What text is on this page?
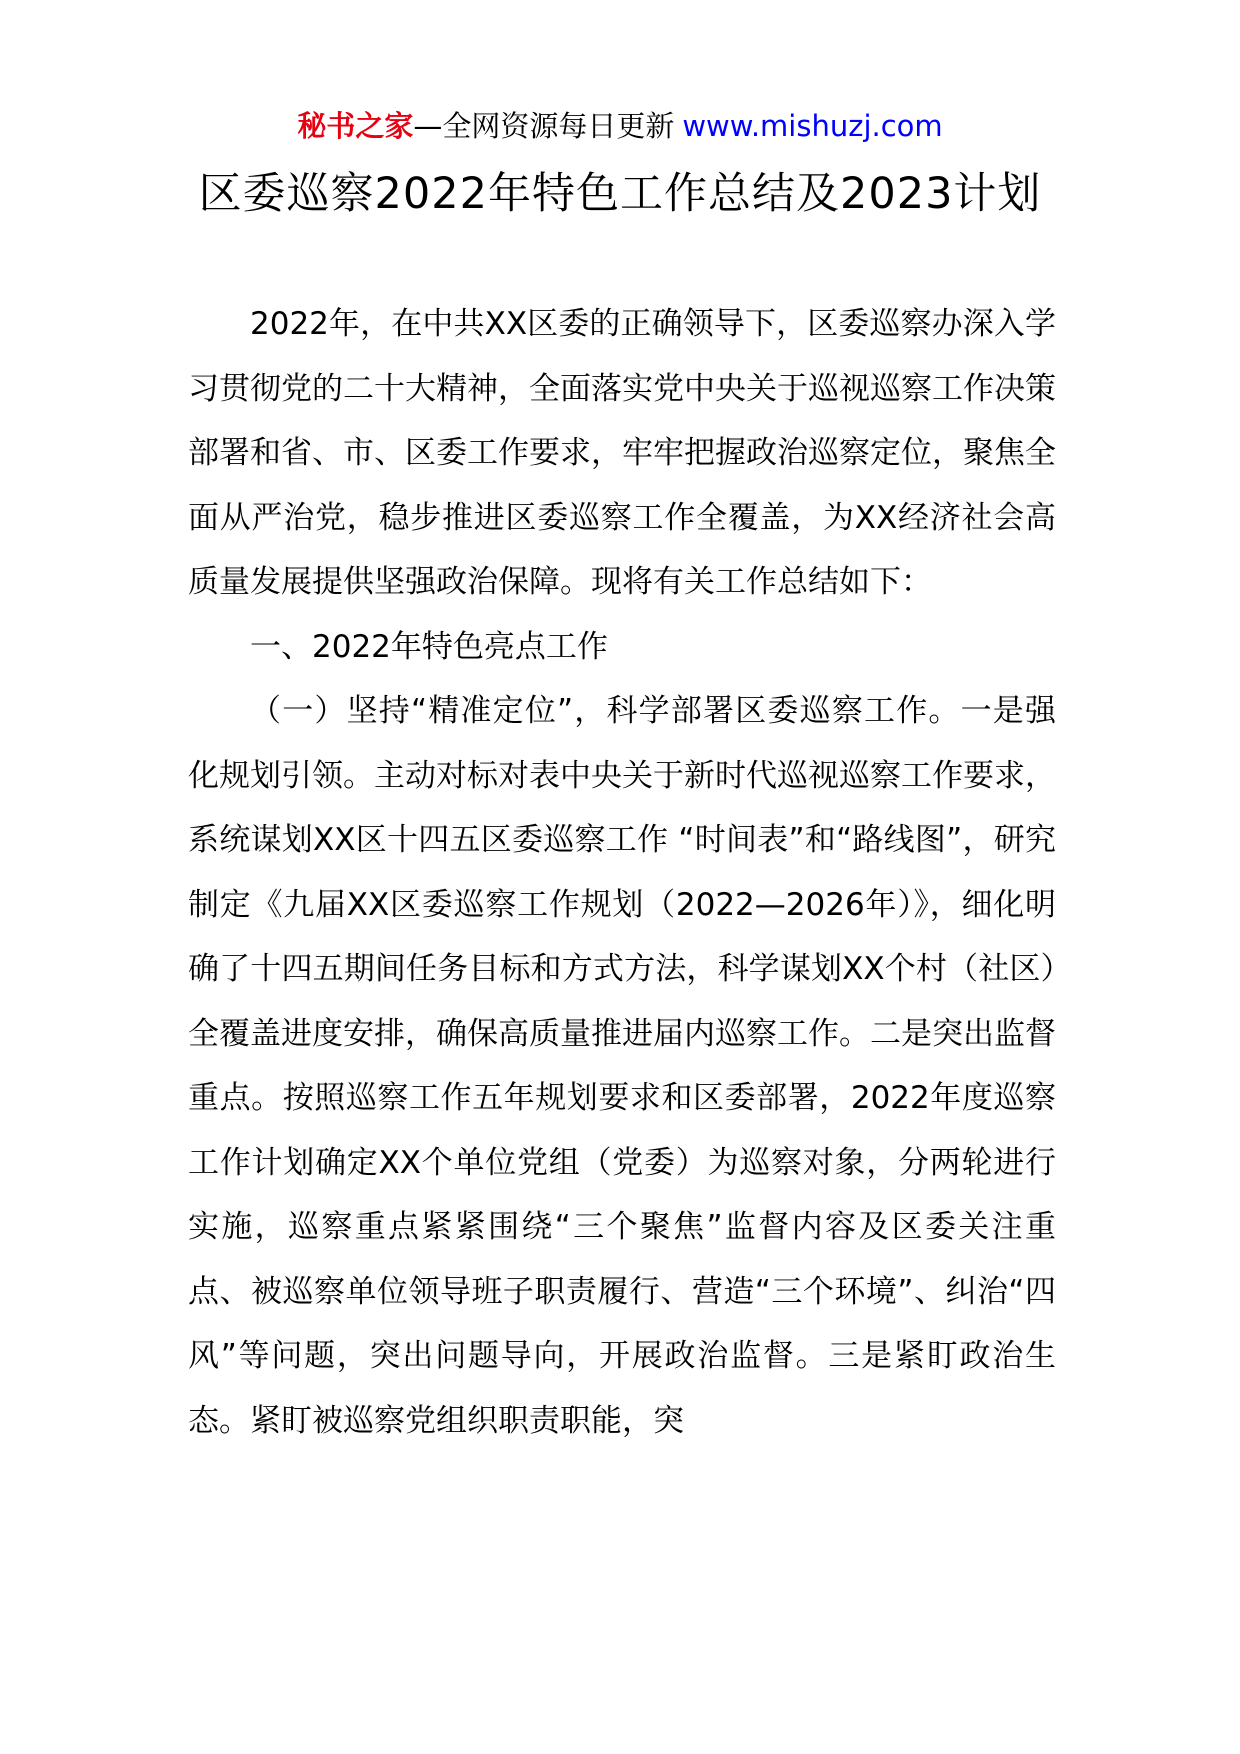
秘书之家—全网资源每日更新 www.mishuzj.com
区委巡察2022年特色工作总结及2023计划

2022年，在中共XX区委的正确领导下，区委巡察办深入学习贯彻党的二十大精神，全面落实党中央关于巡视巡察工作决策部署和省、市、区委工作要求，牢牢把握政治巡察定位，聚焦全面从严治党，稳步推进区委巡察工作全覆盖，为XX经济社会高质量发展提供坚强政治保障。现将有关工作总结如下：

一、2022年特色亮点工作

（一）坚持“精准定位”，科学部署区委巡察工作。一是强化规划引领。主动对标对表中央关于新时代巡视巡察工作要求，系统谋划XX区十四五区委巡察工作 “时间表”和“路线图”，研究制定《九届XX区委巡察工作规划（2022—2026年）》，细化明确了十四五期间任务目标和方式方法，科学谋划XX个村（社区）全覆盖进度安排，确保高质量推进届内巡察工作。二是突出监督重点。按照巡察工作五年规划要求和区委部署，2022年度巡察工作计划确定XX个单位党组（党委）为巡察对象，分两轮进行实施，巡察重点紧紧围绕“三个聚焦”监督内容及区委关注重点、被巡察单位领导班子职责履行、营造“三个环境”、纠治“四风”等问题，突出问题导向，开展政治监督。三是紧盯政治生态。紧盯被巡察党组织职责职能，突
